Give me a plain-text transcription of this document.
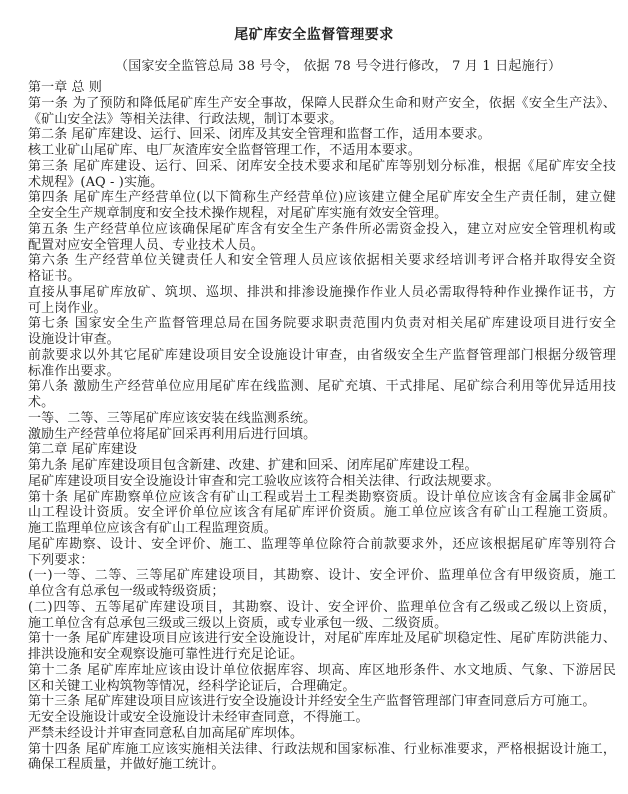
尾矿库安全监督管理要求

（国家安全监管总局 38 号令， 依据 78 号令进行修改， 7 月 1 日起施行）

第一章 总 则
第一条 为了预防和降低尾矿库生产安全事故，保障人民群众生命和财产安全，依据《安全生产法》、
《矿山安全法》等相关法律、行政法规，制订本要求。
第二条 尾矿库建设、运行、回采、闭库及其安全管理和监督工作，适用本要求。
核工业矿山尾矿库、电厂灰渣库安全监督管理工作，不适用本要求。
第三条 尾矿库建设、运行、回采、闭库安全技术要求和尾矿库等别划分标准，根据《尾矿库安全技
术规程》(AQ - )实施。
第四条 尾矿库生产经营单位(以下简称生产经营单位)应该建立健全尾矿库安全生产责任制，建立健
全安全生产规章制度和安全技术操作规程，对尾矿库实施有效安全管理。
第五条 生产经营单位应该确保尾矿库含有安全生产条件所必需资金投入，建立对应安全管理机构或
配置对应安全管理人员、专业技术人员。
第六条 生产经营单位关键责任人和安全管理人员应该依据相关要求经培训考评合格并取得安全资
格证书。
直接从事尾矿库放矿、筑坝、巡坝、排洪和排渗设施操作作业人员必需取得特种作业操作证书，方
可上岗作业。
第七条 国家安全生产监督管理总局在国务院要求职责范围内负责对相关尾矿库建设项目进行安全
设施设计审查。
前款要求以外其它尾矿库建设项目安全设施设计审查，由省级安全生产监督管理部门根据分级管理
标准作出要求。
第八条 激励生产经营单位应用尾矿库在线监测、尾矿充填、干式排尾、尾矿综合利用等优异适用技
术。
一等、二等、三等尾矿库应该安装在线监测系统。
激励生产经营单位将尾矿回采再利用后进行回填。
第二章 尾矿库建设
第九条 尾矿库建设项目包含新建、改建、扩建和回采、闭库尾矿库建设工程。
尾矿库建设项目安全设施设计审查和完工验收应该符合相关法律、行政法规要求。
第十条 尾矿库勘察单位应该含有矿山工程或岩土工程类勘察资质。设计单位应该含有金属非金属矿
山工程设计资质。安全评价单位应该含有尾矿库评价资质。施工单位应该含有矿山工程施工资质。
施工监理单位应该含有矿山工程监理资质。
尾矿库勘察、设计、安全评价、施工、监理等单位除符合前款要求外，还应该根据尾矿库等别符合
下列要求：
(一)一等、二等、三等尾矿库建设项目，其勘察、设计、安全评价、监理单位含有甲级资质，施工
单位含有总承包一级或特级资质；
(二)四等、五等尾矿库建设项目，其勘察、设计、安全评价、监理单位含有乙级或乙级以上资质，
施工单位含有总承包三级或三级以上资质，或专业承包一级、二级资质。
第十一条 尾矿库建设项目应该进行安全设施设计，对尾矿库库址及尾矿坝稳定性、尾矿库防洪能力、
排洪设施和安全观察设施可靠性进行充足论证。
第十二条 尾矿库库址应该由设计单位依据库容、坝高、库区地形条件、水文地质、气象、下游居民
区和关键工业构筑物等情况，经科学论证后，合理确定。
第十三条 尾矿库建设项目应该进行安全设施设计并经安全生产监督管理部门审查同意后方可施工。
无安全设施设计或安全设施设计未经审查同意，不得施工。
严禁未经设计并审查同意私自加高尾矿库坝体。
第十四条 尾矿库施工应该实施相关法律、行政法规和国家标准、行业标准要求，严格根据设计施工，
确保工程质量，并做好施工统计。
